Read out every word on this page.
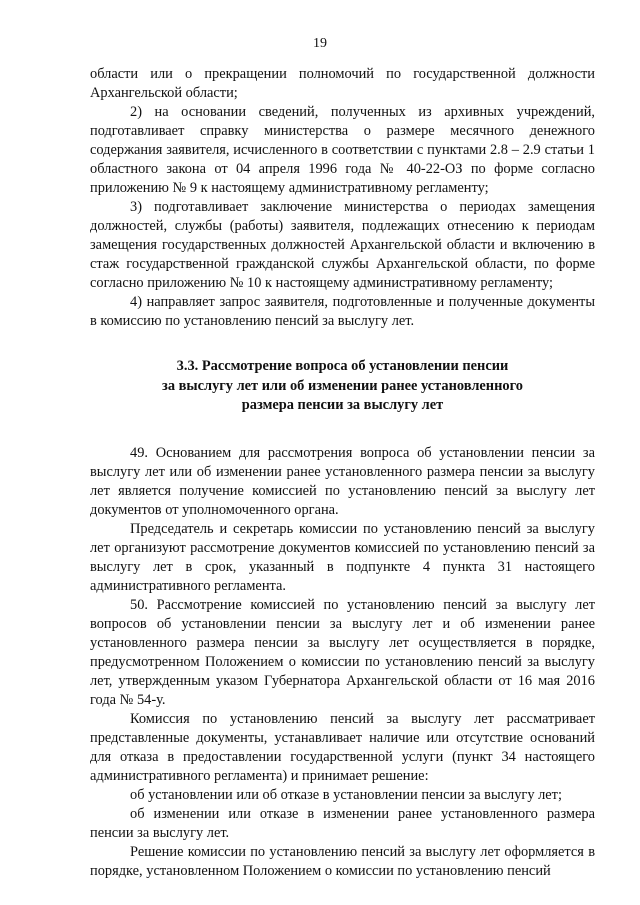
19

области или о прекращении полномочий по государственной должности Архангельской области;

2) на основании сведений, полученных из архивных учреждений, подготавливает справку министерства о размере месячного денежного содержания заявителя, исчисленного в соответствии с пунктами 2.8 – 2.9 статьи 1 областного закона от 04 апреля 1996 года № 40-22-ОЗ по форме согласно приложению № 9 к настоящему административному регламенту;

3) подготавливает заключение министерства о периодах замещения должностей, службы (работы) заявителя, подлежащих отнесению к периодам замещения государственных должностей Архангельской области и включению в стаж государственной гражданской службы Архангельской области, по форме согласно приложению № 10 к настоящему административному регламенту;

4) направляет запрос заявителя, подготовленные и полученные документы в комиссию по установлению пенсий за выслугу лет.

3.3. Рассмотрение вопроса об установлении пенсии
за выслугу лет или об изменении ранее установленного
размера пенсии за выслугу лет

49. Основанием для рассмотрения вопроса об установлении пенсии за выслугу лет или об изменении ранее установленного размера пенсии за выслугу лет является получение комиссией по установлению пенсий за выслугу лет документов от уполномоченного органа.

Председатель и секретарь комиссии по установлению пенсий за выслугу лет организуют рассмотрение документов комиссией по установлению пенсий за выслугу лет в срок, указанный в подпункте 4 пункта 31 настоящего административного регламента.

50. Рассмотрение комиссией по установлению пенсий за выслугу лет вопросов об установлении пенсии за выслугу лет и об изменении ранее установленного размера пенсии за выслугу лет осуществляется в порядке, предусмотренном Положением о комиссии по установлению пенсий за выслугу лет, утвержденным указом Губернатора Архангельской области от 16 мая 2016 года № 54-у.

Комиссия по установлению пенсий за выслугу лет рассматривает представленные документы, устанавливает наличие или отсутствие оснований для отказа в предоставлении государственной услуги (пункт 34 настоящего административного регламента) и принимает решение:

об установлении или об отказе в установлении пенсии за выслугу лет;

об изменении или отказе в изменении ранее установленного размера пенсии за выслугу лет.

Решение комиссии по установлению пенсий за выслугу лет оформляется в порядке, установленном Положением о комиссии по установлению пенсий
